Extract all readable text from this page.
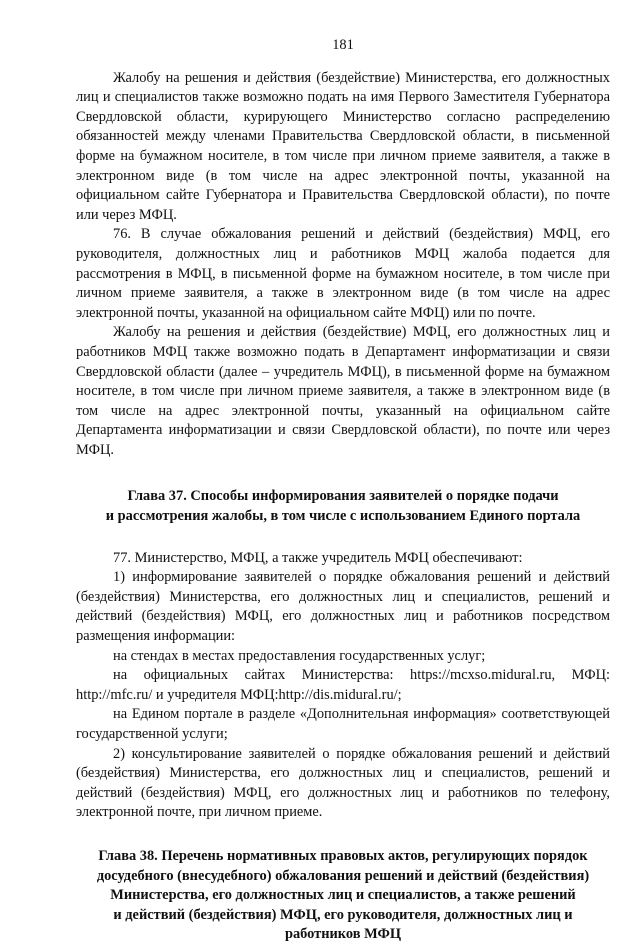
181

Жалобу на решения и действия (бездействие) Министерства, его должностных лиц и специалистов также возможно подать на имя Первого Заместителя Губернатора Свердловской области, курирующего Министерство согласно распределению обязанностей между членами Правительства Свердловской области, в письменной форме на бумажном носителе, в том числе при личном приеме заявителя, а также в электронном виде (в том числе на адрес электронной почты, указанной на официальном сайте Губернатора и Правительства Свердловской области), по почте или через МФЦ.

76. В случае обжалования решений и действий (бездействия) МФЦ, его руководителя, должностных лиц и работников МФЦ жалоба подается для рассмотрения в МФЦ, в письменной форме на бумажном носителе, в том числе при личном приеме заявителя, а также в электронном виде (в том числе на адрес электронной почты, указанной на официальном сайте МФЦ) или по почте.

Жалобу на решения и действия (бездействие) МФЦ, его должностных лиц и работников МФЦ также возможно подать в Департамент информатизации и связи Свердловской области (далее – учредитель МФЦ), в письменной форме на бумажном носителе, в том числе при личном приеме заявителя, а также в электронном виде (в том числе на адрес электронной почты, указанный на официальном сайте Департамента информатизации и связи Свердловской области), по почте или через МФЦ.

Глава 37. Способы информирования заявителей о порядке подачи
и рассмотрения жалобы, в том числе с использованием Единого портала

77. Министерство, МФЦ, а также учредитель МФЦ обеспечивают:

1) информирование заявителей о порядке обжалования решений и действий (бездействия) Министерства, его должностных лиц и специалистов, решений и действий (бездействия) МФЦ, его должностных лиц и работников посредством размещения информации:

на стендах в местах предоставления государственных услуг;

на официальных сайтах Министерства: https://mcxso.midural.ru, МФЦ: http://mfc.ru/ и учредителя МФЦ:http://dis.midural.ru/;

на Едином портале в разделе «Дополнительная информация» соответствующей государственной услуги;

2) консультирование заявителей о порядке обжалования решений и действий (бездействия) Министерства, его должностных лиц и специалистов, решений и действий (бездействия) МФЦ, его должностных лиц и работников по телефону, электронной почте, при личном приеме.

Глава 38. Перечень нормативных правовых актов, регулирующих порядок
досудебного (внесудебного) обжалования решений и действий (бездействия)
Министерства, его должностных лиц и специалистов, а также решений
и действий (бездействия) МФЦ, его руководителя, должностных лиц и
работников МФЦ
